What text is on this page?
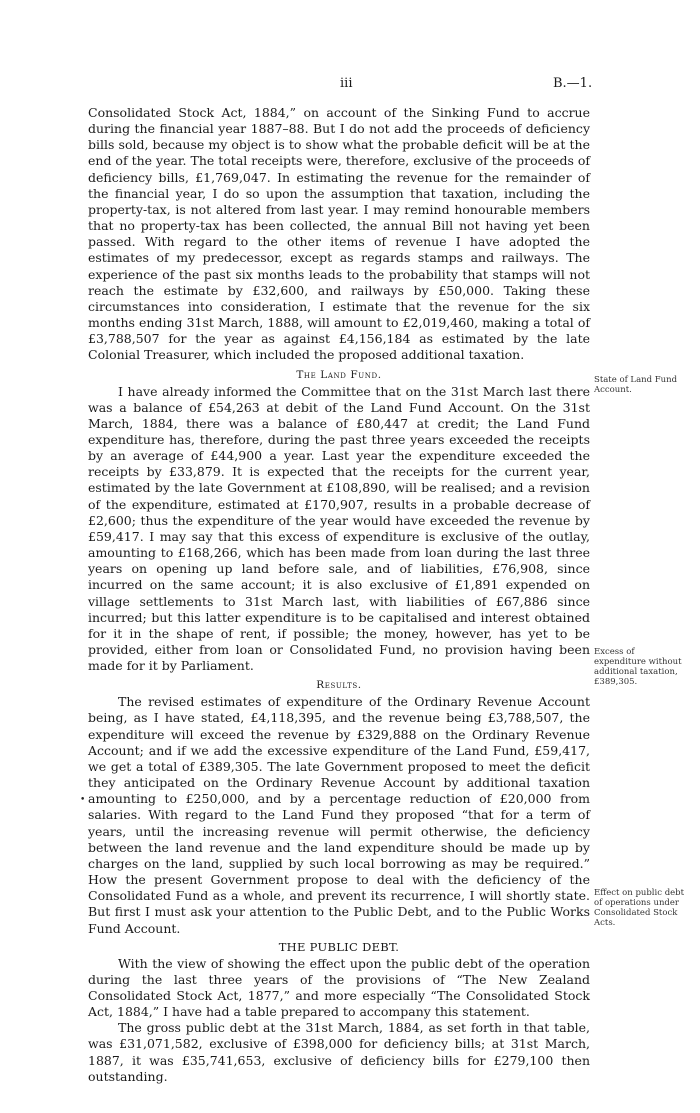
iii	B.—1.

Consolidated Stock Act, 1884,” on account of the Sinking Fund to accrue during the financial year 1887–88. But I do not add the proceeds of deficiency bills sold, because my object is to show what the probable deficit will be at the end of the year. The total receipts were, therefore, exclusive of the proceeds of deficiency bills, £1,769,047. In estimating the revenue for the remainder of the financial year, I do so upon the assumption that taxation, including the property-tax, is not altered from last year. I may remind honourable members that no property-tax has been collected, the annual Bill not having yet been passed. With regard to the other items of revenue I have adopted the estimates of my predecessor, except as regards stamps and railways. The experience of the past six months leads to the probability that stamps will not reach the estimate by £32,600, and railways by £50,000. Taking these circumstances into consideration, I estimate that the revenue for the six months ending 31st March, 1888, will amount to £2,019,460, making a total of £3,788,507 for the year as against £4,156,184 as estimated by the late Colonial Treasurer, which included the proposed additional taxation.

The Land Fund.

I have already informed the Committee that on the 31st March last there was a balance of £54,263 at debit of the Land Fund Account. On the 31st March, 1884, there was a balance of £80,447 at credit; the Land Fund expenditure has, therefore, during the past three years exceeded the receipts by an average of £44,900 a year. Last year the expenditure exceeded the receipts by £33,879. It is expected that the receipts for the current year, estimated by the late Government at £108,890, will be realised; and a revision of the expenditure, estimated at £170,907, results in a probable decrease of £2,600; thus the expenditure of the year would have exceeded the revenue by £59,417. I may say that this excess of expenditure is exclusive of the outlay, amounting to £168,266, which has been made from loan during the last three years on opening up land before sale, and of liabilities, £76,908, since incurred on the same account; it is also exclusive of £1,891 expended on village settlements to 31st March last, with liabilities of £67,886 since incurred; but this latter expenditure is to be capitalised and interest obtained for it in the shape of rent, if possible; the money, however, has yet to be provided, either from loan or Consolidated Fund, no provision having been made for it by Parliament.

Results.

The revised estimates of expenditure of the Ordinary Revenue Account being, as I have stated, £4,118,395, and the revenue being £3,788,507, the expenditure will exceed the revenue by £329,888 on the Ordinary Revenue Account; and if we add the excessive expenditure of the Land Fund, £59,417, we get a total of £389,305. The late Government proposed to meet the deficit they anticipated on the Ordinary Revenue Account by additional taxation amounting to £250,000, and by a percentage reduction of £20,000 from salaries. With regard to the Land Fund they proposed “that for a term of years, until the increasing revenue will permit otherwise, the deficiency between the land revenue and the land expenditure should be made up by charges on the land, supplied by such local borrowing as may be required.” How the present Government propose to deal with the deficiency of the Consolidated Fund as a whole, and prevent its recurrence, I will shortly state. But first I must ask your attention to the Public Debt, and to the Public Works Fund Account.

THE PUBLIC DEBT.

With the view of showing the effect upon the public debt of the operation during the last three years of the provisions of “The New Zealand Consolidated Stock Act, 1877,” and more especially “The Consolidated Stock Act, 1884,” I have had a table prepared to accompany this statement.

The gross public debt at the 31st March, 1884, as set forth in that table, was £31,071,582, exclusive of £398,000 for deficiency bills; at 31st March, 1887, it was £35,741,653, exclusive of deficiency bills for £279,100 then outstanding.

State of Land Fund Account.
Excess of expenditure without additional taxation, £389,305.
Effect on public debt of operations under Consolidated Stock Acts.
•
